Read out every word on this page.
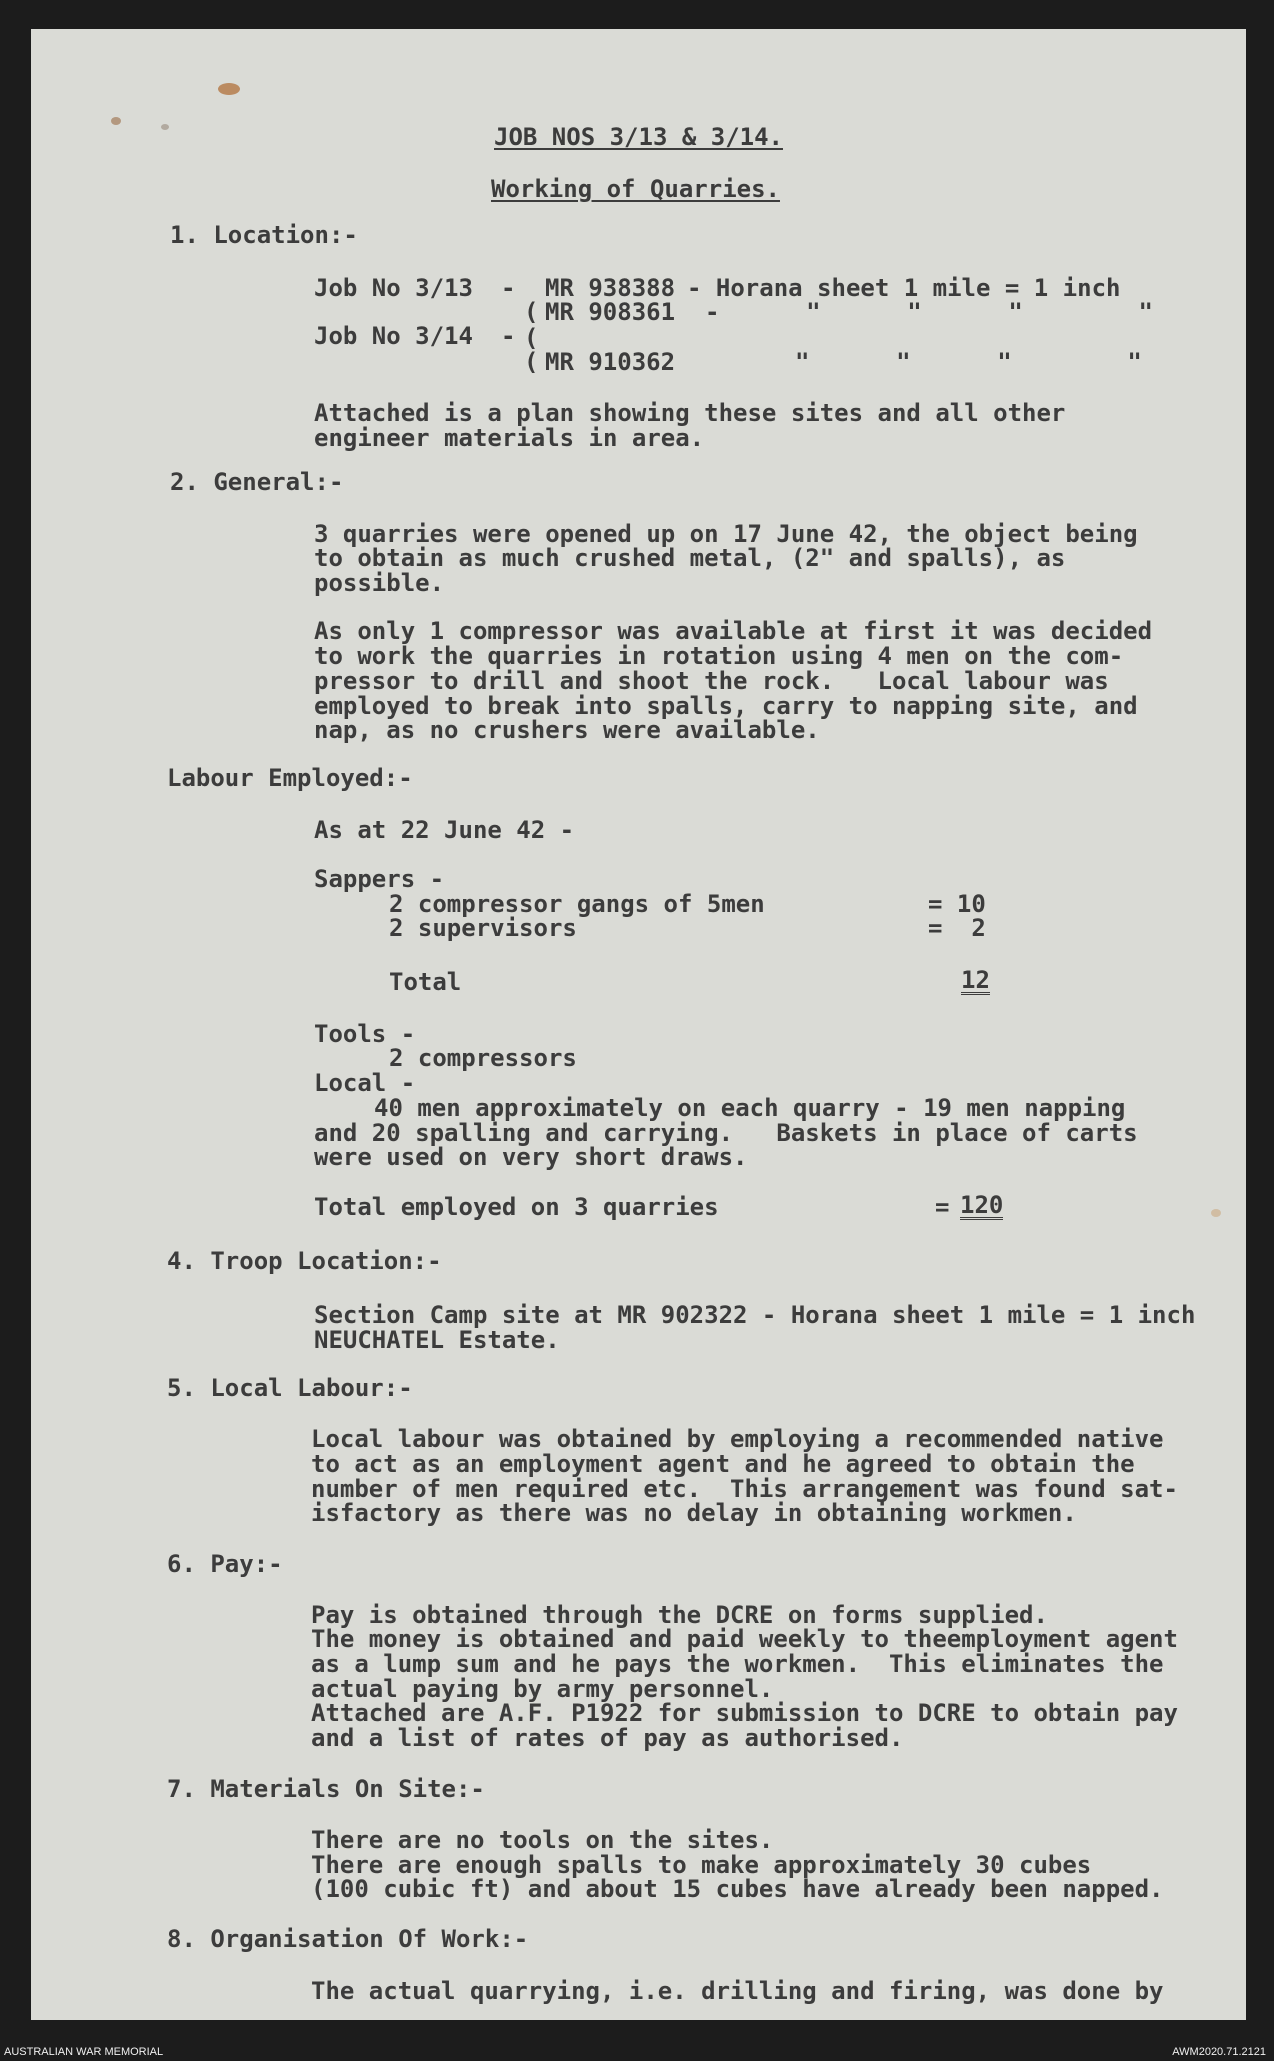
JOB NOS 3/13 & 3/14.
Working of Quarries.
1. Location:-
Job No 3/13 - MR 938388 - Horana sheet 1 mile = 1 inch
( MR 908361 -      "      "      "        "
Job No 3/14 - (
( MR 910362	"      "      "        "
Attached is a plan showing these sites and all other
engineer materials in area.
2. General:-
3 quarries were opened up on 17 June 42, the object being
to obtain as much crushed metal, (2" and spalls), as
possible.
As only 1 compressor was available at first it was decided
to work the quarries in rotation using 4 men on the com-
pressor to drill and shoot the rock.   Local labour was
employed to break into spalls, carry to napping site, and
nap, as no crushers were available.
Labour Employed:-
As at 22 June 42 -
Sappers -
2 compressor gangs of 5men	= 10
2 supervisors	=  2
Total	12
Tools -
2 compressors
Local -
40 men approximately on each quarry - 19 men napping
and 20 spalling and carrying.   Baskets in place of carts
were used on very short draws.
Total employed on 3 quarries	= 120
4. Troop Location:-
Section Camp site at MR 902322 - Horana sheet 1 mile = 1 inch
NEUCHATEL Estate.
5. Local Labour:-
Local labour was obtained by employing a recommended native
to act as an employment agent and he agreed to obtain the
number of men required etc.  This arrangement was found sat-
isfactory as there was no delay in obtaining workmen.
6. Pay:-
Pay is obtained through the DCRE on forms supplied.
The money is obtained and paid weekly to theemployment agent
as a lump sum and he pays the workmen.  This eliminates the
actual paying by army personnel.
Attached are A.F. P1922 for submission to DCRE to obtain pay
and a list of rates of pay as authorised.
7. Materials On Site:-
There are no tools on the sites.
There are enough spalls to make approximately 30 cubes
(100 cubic ft) and about 15 cubes have already been napped.
8. Organisation Of Work:-
The actual quarrying, i.e. drilling and firing, was done by
AUSTRALIAN WAR MEMORIAL	AWM2020.71.2121
